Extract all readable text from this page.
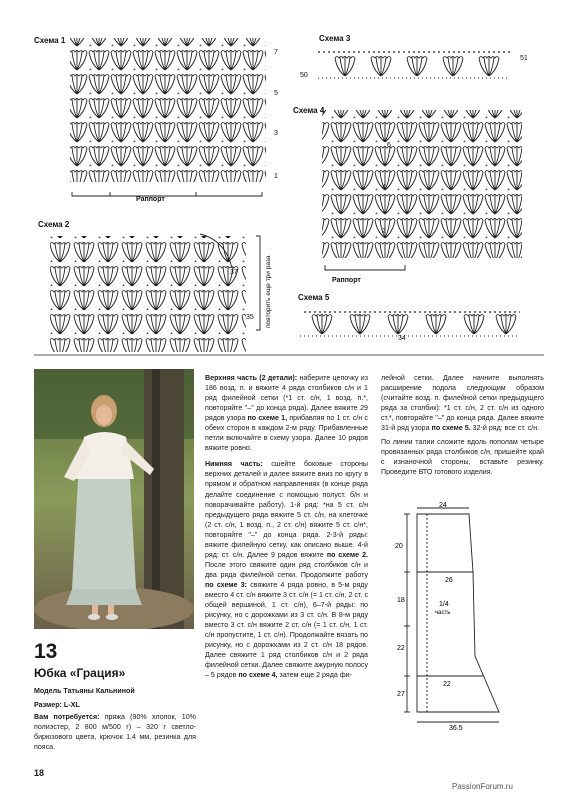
Схема 1
7
5
3
1
Раппорт
Схема 2
37
35 повторить еще три раза
Схема 3
50
51
Схема 4
6
4
2
Раппорт
Схема 5
34
13
Юбка «Грация»
Модель Татьяны Кальниной
Размер: L-XL
Вам потребуется: пряжа (90% хлопок, 10% полиэстер, 2 800 м/500 г) – 320 г светло-бирюзового цвета, крючок 1,4 мм, резинка для пояса.

Верхняя часть (2 детали): наберите цепочку из 186 возд. п. и вяжите 4 ряда столбиков с/н и 1 ряд филейной сетки (*1 ст. с/н, 1 возд. п.*, повторяйте "–" до конца ряда). Далее вяжите 29 рядов узора по схеме 1, прибавляя по 1 ст. с/н с обеих сторон в каждом 2-м ряду. Прибавленные петли включайте в схему узора. Далее 10 рядов вяжите ровно.

Нижняя часть: сшейте боковые стороны верхних деталей и далее вяжите вниз по кругу в прямом и обратном направлениях (в конце ряда делайте соединение с помощью полуст. б/н и поворачивайте работу). 1-й ряд: *на 5 ст. с/н предыдущего ряда вяжите 5 ст. с/н, на клеточке (2 ст. с/н, 1 возд. п., 2 ст. с/н) вяжите 5 ст. с/н*, повторяйте "–" до конца ряда. 2-3-й ряды: вяжите филейную сетку, как описано выше. 4-й ряд: ст. с/н. Далее 9 рядов вяжите по схеме 2. После этого свяжите один ряд столбиков с/н и два ряда филейной сетки. Продолжите работу по схеме 3: свяжите 4 ряда ровно, в 5-м ряду вместо 4 ст. с/н вяжите 3 ст. с/н (= 1 ст. с/н, 2 ст. с общей вершиной, 1 ст. с/н), 6–7-й ряды: по рисунку, но с дорожками из 3 ст. с/н. В 8-м ряду вместо 3 ст. с/н вяжите 2 ст. с/н (= 1 ст. с/н, 1 ст. с/н пропустите, 1 ст. с/н). Продолжайте вязать по рисунку, но с дорожками из 2 ст. с/н 18 рядов. Далее свяжите 1 ряд столбиков с/н и 2 ряда филейной сетки. Далее свяжите ажурную полосу – 5 рядов по схеме 4, затем еще 2 ряда фи-

лейной сетки. Далее начните выполнять расширение подола следующим образом (считайте возд. п. филейной сетки предыдущего ряда за столбик): *1 ст. с/н, 2 ст. с/н из одного ст.*, повторяйте "–" до конца ряда. Далее вяжите 31-й ряд узора по схеме 5. 32-й ряд: все ст. с/н.

По линии талии сложите вдоль пополам четыре провязанных ряда столбиков с/н, пришейте край с изнаночной стороны, вставьте резинку. Проведите ВТО готового изделия.

24
20
26
18
1/4
часть
22
22
27
36,5
18
PassionForum.ru
